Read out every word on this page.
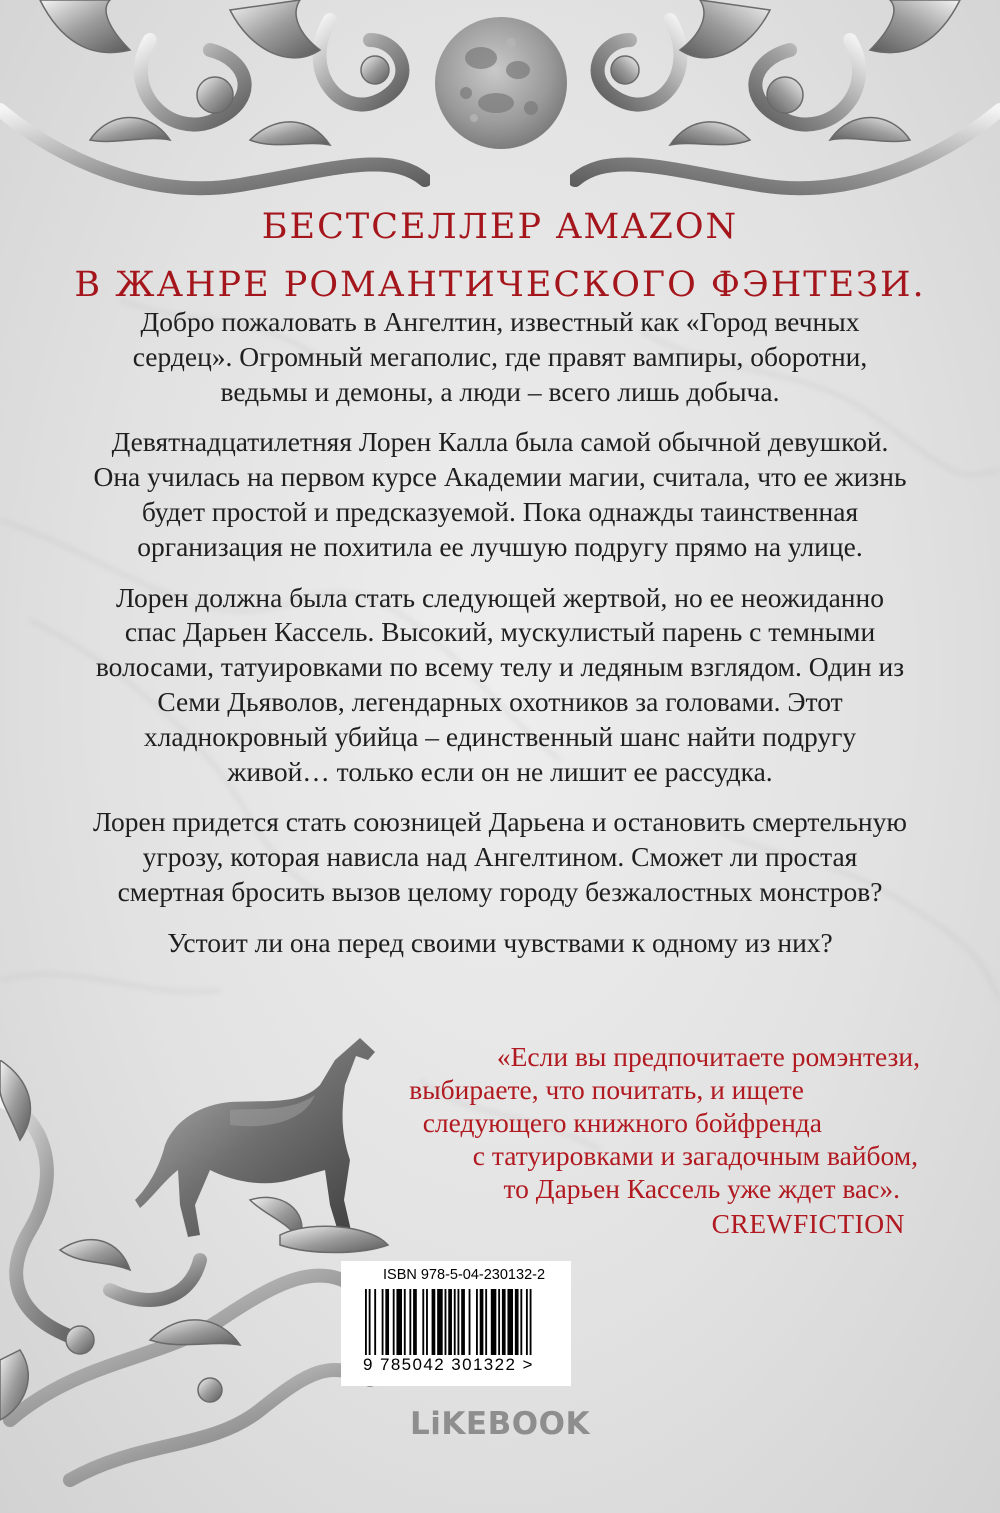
БЕСТСЕЛЛЕР AMAZON
В ЖАНРЕ РОМАНТИЧЕСКОГО ФЭНТЕЗИ.

Добро пожаловать в Ангелтин, известный как «Город вечных сердец». Огромный мегаполис, где правят вампиры, оборотни, ведьмы и демоны, а люди – всего лишь добыча.

Девятнадцатилетняя Лорен Калла была самой обычной девушкой. Она училась на первом курсе Академии магии, считала, что ее жизнь будет простой и предсказуемой. Пока однажды таинственная организация не похитила ее лучшую подругу прямо на улице.

Лорен должна была стать следующей жертвой, но ее неожиданно спас Дарьен Кассель. Высокий, мускулистый парень с темными волосами, татуировками по всему телу и ледяным взглядом. Один из Семи Дьяволов, легендарных охотников за головами. Этот хладнокровный убийца – единственный шанс найти подругу живой… только если он не лишит ее рассудка.

Лорен придется стать союзницей Дарьена и остановить смертельную угрозу, которая нависла над Ангелтином. Сможет ли простая смертная бросить вызов целому городу безжалостных монстров?

Устоит ли она перед своими чувствами к одному из них?

«Если вы предпочитаете ромэнтези,
выбираете, что почитать, и ищете
следующего книжного бойфренда
с татуировками и загадочным вайбом,
то Дарьен Кассель уже ждет вас».
CREWFICTION
ISBN 978-5-04-230132-2
9 785042 301322 >
LiKEBOOK
